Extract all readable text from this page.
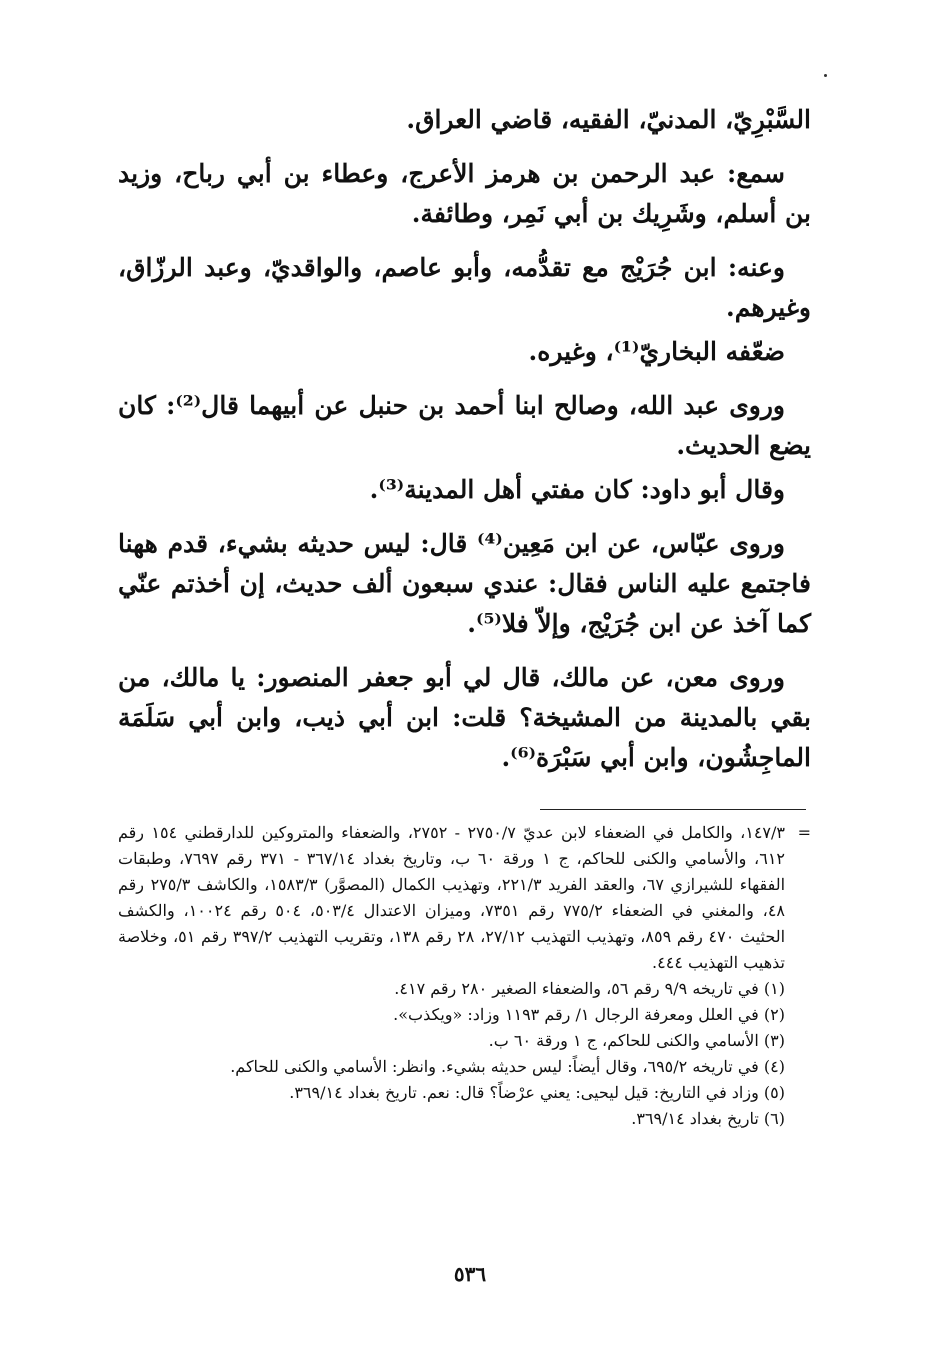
السَّبْرِيّ، المدنيّ، الفقيه، قاضي العراق.

سمع: عبد الرحمن بن هرمز الأعرج، وعطاء بن أبي رباح، وزيد بن أسلم، وشَرِيك بن أبي نَمِر، وطائفة.

وعنه: ابن جُرَيْج مع تقدُّمه، وأبو عاصم، والواقديّ، وعبد الرزّاق، وغيرهم.

ضعّفه البخاريّ⁽¹⁾، وغيره.

وروى عبد الله، وصالح ابنا أحمد بن حنبل عن أبيهما قال⁽²⁾: كان يضع الحديث.

وقال أبو داود: كان مفتي أهل المدينة⁽³⁾.

وروى عبّاس، عن ابن مَعِين⁽⁴⁾ قال: ليس حديثه بشيء، قدم ههنا فاجتمع عليه الناس فقال: عندي سبعون ألف حديث، إن أخذتم عنّي كما آخذ عن ابن جُرَيْج، وإلاّ فلا⁽⁵⁾.

وروى معن، عن مالك، قال لي أبو جعفر المنصور: يا مالك، من بقي بالمدينة من المشيخة؟ قلت: ابن أبي ذيب، وابن أبي سَلَمَة الماجِشُون، وابن أبي سَبْرَة⁽⁶⁾.

=
١٤٧/٣، والكامل في الضعفاء لابن عديّ ٢٧٥٠/٧ - ٢٧٥٢، والضعفاء والمتروكين للدارقطني ١٥٤ رقم ٦١٢، والأسامي والكنى للحاكم، ج ١ ورقة ٦٠ ب، وتاريخ بغداد ٣٦٧/١٤ - ٣٧١ رقم ٧٦٩٧، وطبقات الفقهاء للشيرازي ٦٧، والعقد الفريد ٢٢١/٣، وتهذيب الكمال (المصوَّر) ١٥٨٣/٣، والكاشف ٢٧٥/٣ رقم ٤٨، والمغني في الضعفاء ٧٧٥/٢ رقم ٧٣٥١، وميزان الاعتدال ٥٠٣/٤، ٥٠٤ رقم ١٠٠٢٤، والكشف الحثيث ٤٧٠ رقم ٨٥٩، وتهذيب التهذيب ٢٧/١٢، ٢٨ رقم ١٣٨، وتقريب التهذيب ٣٩٧/٢ رقم ٥١، وخلاصة تذهيب التهذيب ٤٤٤.

(١) في تاريخه ٩/٩ رقم ٥٦، والضعفاء الصغير ٢٨٠ رقم ٤١٧.

(٢) في العلل ومعرفة الرجال ١/ رقم ١١٩٣ وزاد: «ويكذب».

(٣) الأسامي والكنى للحاكم، ج ١ ورقة ٦٠ ب.

(٤) في تاريخه ٦٩٥/٢، وقال أيضاً: ليس حديثه بشيء. وانظر: الأسامي والكنى للحاكم.

(٥) وزاد في التاريخ: قيل ليحيى: يعني عرْضاً؟ قال: نعم. تاريخ بغداد ٣٦٩/١٤.

(٦) تاريخ بغداد ٣٦٩/١٤.

٥٣٦
